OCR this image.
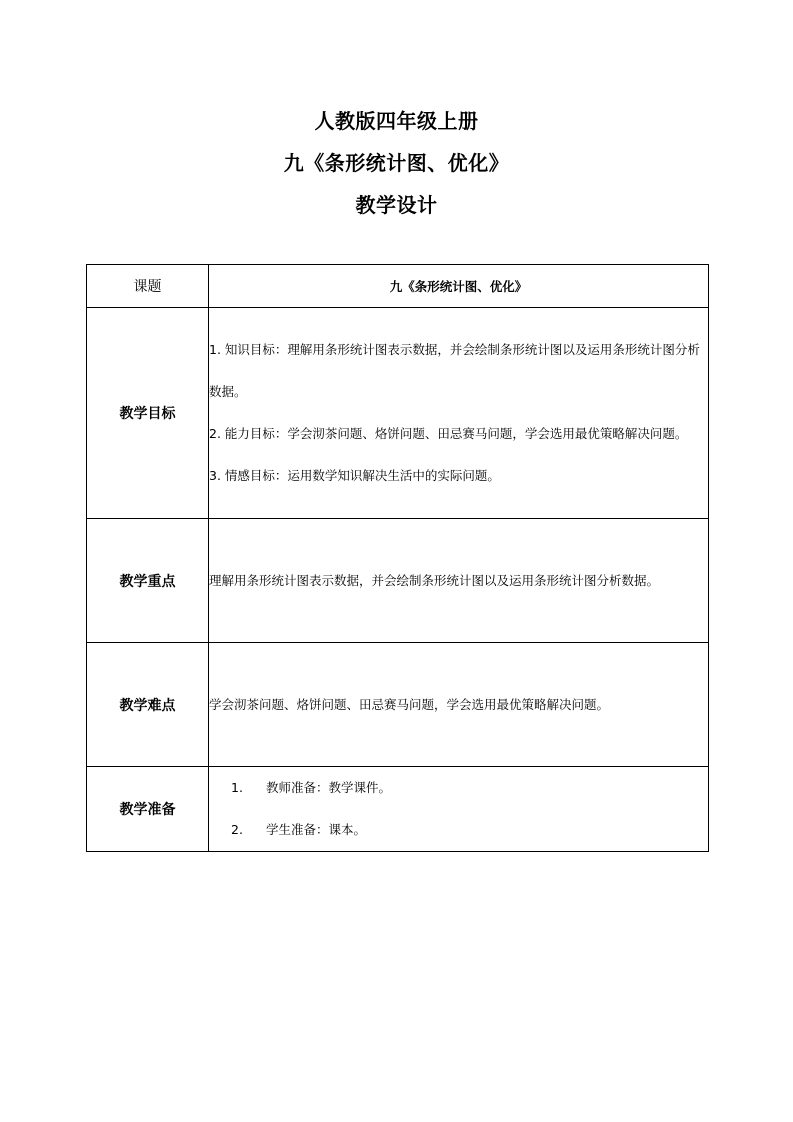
人教版四年级上册
九《条形统计图、优化》
教学设计
课题	九《条形统计图、优化》
教学目标	1. 知识目标：理解用条形统计图表示数据，并会绘制条形统计图以及运用条形统计图分析数据。

2. 能力目标：学会沏茶问题、烙饼问题、田忌赛马问题，学会选用最优策略解决问题。

3. 情感目标：运用数学知识解决生活中的实际问题。

教学重点	理解用条形统计图表示数据，并会绘制条形统计图以及运用条形统计图分析数据。

教学难点	学会沏茶问题、烙饼问题、田忌赛马问题，学会选用最优策略解决问题。

教学准备	1. 教师准备：教学课件。

2. 学生准备：课本。
